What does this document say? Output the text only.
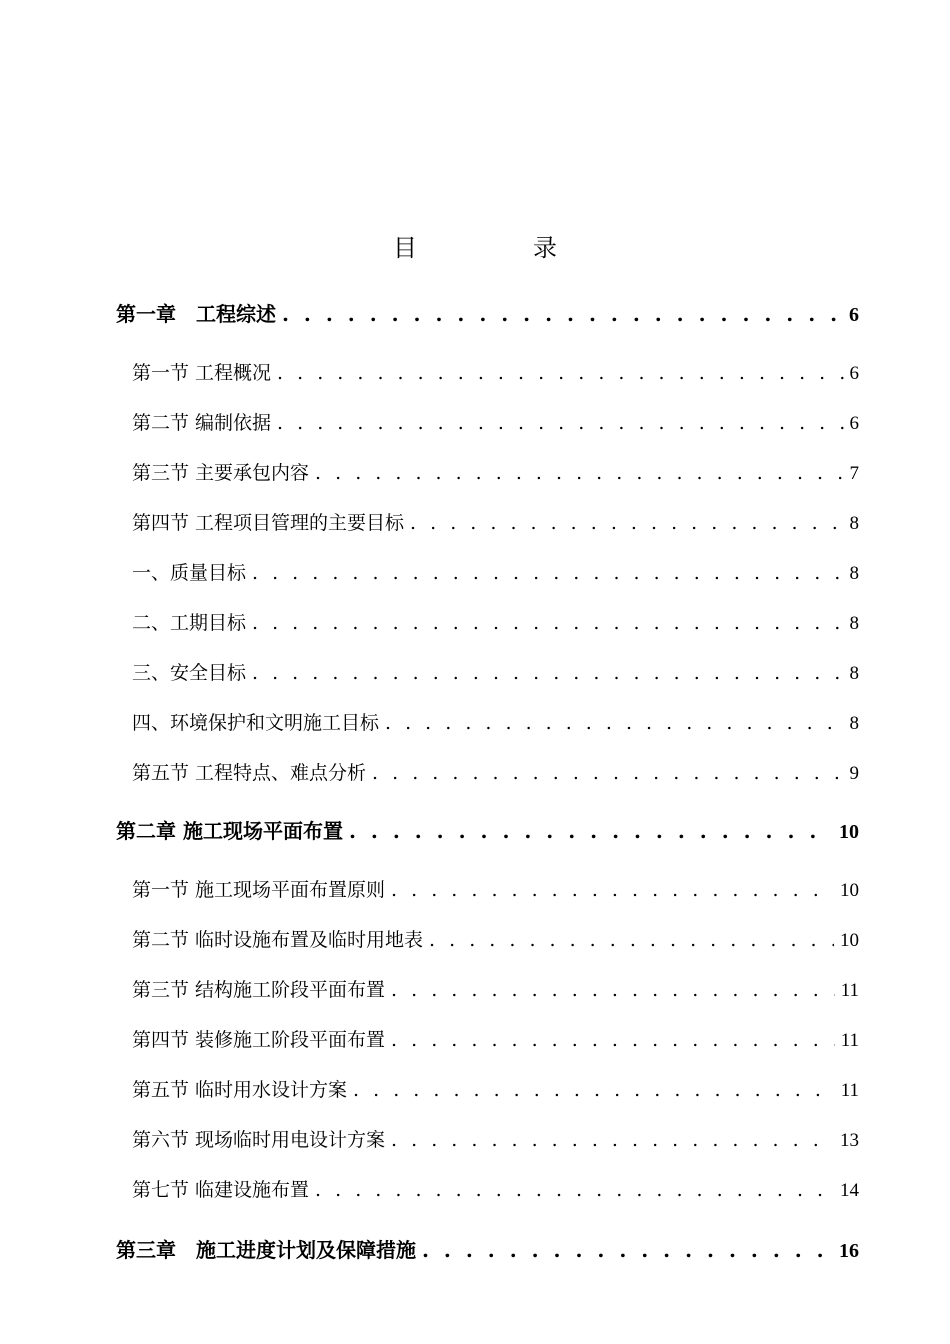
目　录
第一章　工程综述 . . .	6
第一节 工程概况 . . .	6
第二节 编制依据 . . .	6
第三节 主要承包内容 . . .	7
第四节 工程项目管理的主要目标 . . .	8
一、质量目标 . . .	8
二、工期目标 . . .	8
三、安全目标 . . .	8
四、环境保护和文明施工目标 . . .	8
第五节 工程特点、难点分析 . . .	9
第二章 施工现场平面布置 . . .	10
第一节 施工现场平面布置原则 . . .	10
第二节 临时设施布置及临时用地表 . . .	10
第三节 结构施工阶段平面布置 . . .	11
第四节 装修施工阶段平面布置 . . .	11
第五节 临时用水设计方案 . . .	11
第六节 现场临时用电设计方案 . . .	13
第七节 临建设施布置 . . .	14
第三章　施工进度计划及保障措施 . . .	16
